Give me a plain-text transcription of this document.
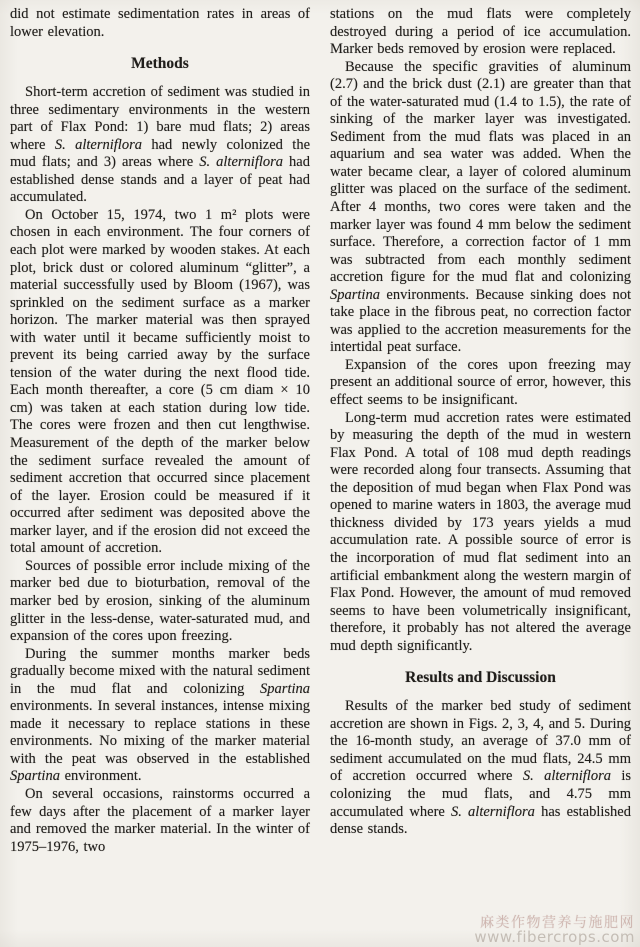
did not estimate sedimentation rates in areas of lower elevation.

Methods

Short-term accretion of sediment was studied in three sedimentary environments in the western part of Flax Pond: 1) bare mud flats; 2) areas where S. alterniflora had newly colonized the mud flats; and 3) areas where S. alterniflora had established dense stands and a layer of peat had accumulated.

On October 15, 1974, two 1 m² plots were chosen in each environment. The four corners of each plot were marked by wooden stakes. At each plot, brick dust or colored aluminum “glitter”, a material successfully used by Bloom (1967), was sprinkled on the sediment surface as a marker horizon. The marker material was then sprayed with water until it became sufficiently moist to prevent its being carried away by the surface tension of the water during the next flood tide. Each month thereafter, a core (5 cm diam × 10 cm) was taken at each station during low tide. The cores were frozen and then cut lengthwise. Measurement of the depth of the marker below the sediment surface revealed the amount of sediment accretion that occurred since placement of the layer. Erosion could be measured if it occurred after sediment was deposited above the marker layer, and if the erosion did not exceed the total amount of accretion.

Sources of possible error include mixing of the marker bed due to bioturbation, removal of the marker bed by erosion, sinking of the aluminum glitter in the less-dense, water-saturated mud, and expansion of the cores upon freezing.

During the summer months marker beds gradually become mixed with the natural sediment in the mud flat and colonizing Spartina environments. In several instances, intense mixing made it necessary to replace stations in these environments. No mixing of the marker material with the peat was observed in the established Spartina environment.

On several occasions, rainstorms occurred a few days after the placement of a marker layer and removed the marker material. In the winter of 1975–1976, two

stations on the mud flats were completely destroyed during a period of ice accumulation. Marker beds removed by erosion were replaced.

Because the specific gravities of aluminum (2.7) and the brick dust (2.1) are greater than that of the water-saturated mud (1.4 to 1.5), the rate of sinking of the marker layer was investigated. Sediment from the mud flats was placed in an aquarium and sea water was added. When the water became clear, a layer of colored aluminum glitter was placed on the surface of the sediment. After 4 months, two cores were taken and the marker layer was found 4 mm below the sediment surface. Therefore, a correction factor of 1 mm was subtracted from each monthly sediment accretion figure for the mud flat and colonizing Spartina environments. Because sinking does not take place in the fibrous peat, no correction factor was applied to the accretion measurements for the intertidal peat surface.

Expansion of the cores upon freezing may present an additional source of error, however, this effect seems to be insignificant.

Long-term mud accretion rates were estimated by measuring the depth of the mud in western Flax Pond. A total of 108 mud depth readings were recorded along four transects. Assuming that the deposition of mud began when Flax Pond was opened to marine waters in 1803, the average mud thickness divided by 173 years yields a mud accumulation rate. A possible source of error is the incorporation of mud flat sediment into an artificial embankment along the western margin of Flax Pond. However, the amount of mud removed seems to have been volumetrically insignificant, therefore, it probably has not altered the average mud depth significantly.

Results and Discussion

Results of the marker bed study of sediment accretion are shown in Figs. 2, 3, 4, and 5. During the 16-month study, an average of 37.0 mm of sediment accumulated on the mud flats, 24.5 mm of accretion occurred where S. alterniflora is colonizing the mud flats, and 4.75 mm accumulated where S. alterniflora has established dense stands.

麻类作物营养与施肥网
www.fibercrops.com
